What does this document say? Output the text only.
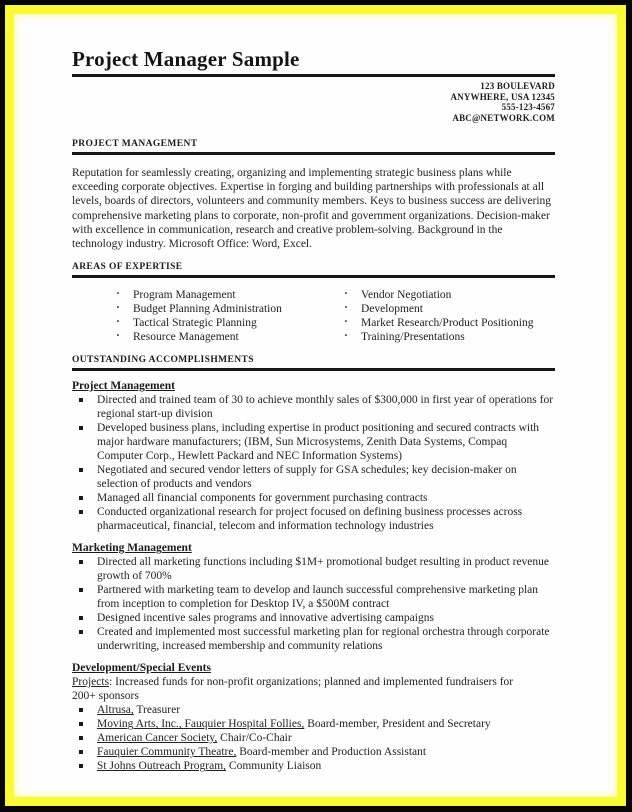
Project Manager Sample
123 BOULEVARD
ANYWHERE, USA 12345
555-123-4567
ABC@NETWORK.COM
PROJECT MANAGEMENT
Reputation for seamlessly creating, organizing and implementing strategic business plans while exceeding corporate objectives. Expertise in forging and building partnerships with professionals at all levels, boards of directors, volunteers and community members. Keys to business success are delivering comprehensive marketing plans to corporate, non-profit and government organizations. Decision-maker with excellence in communication, research and creative problem-solving. Background in the technology industry. Microsoft Office: Word, Excel.
AREAS OF EXPERTISE
· Program Management
· Budget Planning Administration
· Tactical Strategic Planning
· Resource Management
· Vendor Negotiation
· Development
· Market Research/Product Positioning
· Training/Presentations
OUTSTANDING ACCOMPLISHMENTS
Project Management
Directed and trained team of 30 to achieve monthly sales of $300,000 in first year of operations for regional start-up division
Developed business plans, including expertise in product positioning and secured contracts with major hardware manufacturers; (IBM, Sun Microsystems, Zenith Data Systems, Compaq Computer Corp., Hewlett Packard and NEC Information Systems)
Negotiated and secured vendor letters of supply for GSA schedules; key decision-maker on selection of products and vendors
Managed all financial components for government purchasing contracts
Conducted organizational research for project focused on defining business processes across pharmaceutical, financial, telecom and information technology industries
Marketing Management
Directed all marketing functions including $1M+ promotional budget resulting in product revenue growth of 700%
Partnered with marketing team to develop and launch successful comprehensive marketing plan from inception to completion for Desktop IV, a $500M contract
Designed incentive sales programs and innovative advertising campaigns
Created and implemented most successful marketing plan for regional orchestra through corporate underwriting, increased membership and community relations
Development/Special Events
Projects: Increased funds for non-profit organizations; planned and implemented fundraisers for 200+ sponsors
Altrusa, Treasurer
Moving Arts, Inc., Fauquier Hospital Follies, Board-member, President and Secretary
American Cancer Society, Chair/Co-Chair
Fauquier Community Theatre, Board-member and Production Assistant
St Johns Outreach Program, Community Liaison
